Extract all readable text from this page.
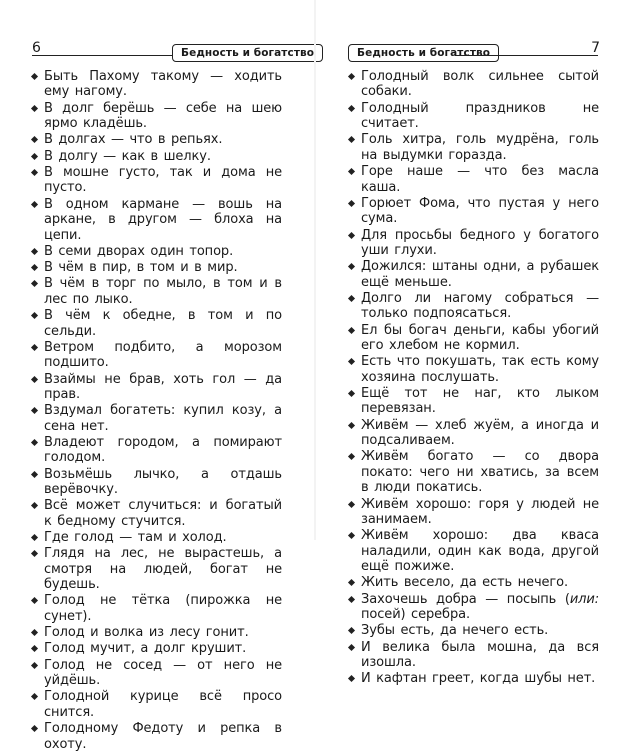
6	Бедность и богатство
Быть Пахому такому — ходить ему нагому.
В долг берёшь — себе на шею ярмо кладёшь.
В долгах — что в репьях.
В долгу — как в шелку.
В мошне густо, так и дома не пусто.
В одном кармане — вошь на аркане, в другом — блоха на цепи.
В семи дворах один топор.
В чём в пир, в том и в мир.
В чём в торг по мыло, в том и в лес по лыко.
В чём к обедне, в том и по сельди.
Ветром подбито, а морозом подшито.
Взаймы не брав, хоть гол — да прав.
Вздумал богатеть: купил козу, а сена нет.
Владеют городом, а помирают голодом.
Возьмёшь лычко, а отдашь верёвочку.
Всё может случиться: и богатый к бедному стучится.
Где голод — там и холод.
Глядя на лес, не вырастешь, а смотря на людей, богат не будешь.
Голод не тётка (пирожка не сунет).
Голод и волка из лесу гонит.
Голод мучит, а долг крушит.
Голод не сосед — от него не уйдёшь.
Голодной курице всё просо снится.
Голодному Федоту и репка в охоту.
Бедность и богатство	7
Голодный волк сильнее сытой собаки.
Голодный праздников не считает.
Голь хитра, голь мудрёна, голь на выдумки горазда.
Горе наше — что без масла каша.
Горюет Фома, что пустая у него сума.
Для просьбы бедного у богатого уши глухи.
Дожился: штаны одни, а рубашек ещё меньше.
Долго ли нагому собраться — только подпоясаться.
Ел бы богач деньги, кабы убогий его хлебом не кормил.
Есть что покушать, так есть кому хозяина послушать.
Ещё тот не наг, кто лыком перевязан.
Живём — хлеб жуём, а иногда и подсаливаем.
Живём богато — со двора покато: чего ни хватись, за всем в люди покатись.
Живём хорошо: горя у людей не занимаем.
Живём хорошо: два кваса наладили, один как вода, другой ещё пожиже.
Жить весело, да есть нечего.
Захочешь добра — посыпь (или: посей) серебра.
Зубы есть, да нечего есть.
И велика была мошна, да вся изошла.
И кафтан греет, когда шубы нет.
